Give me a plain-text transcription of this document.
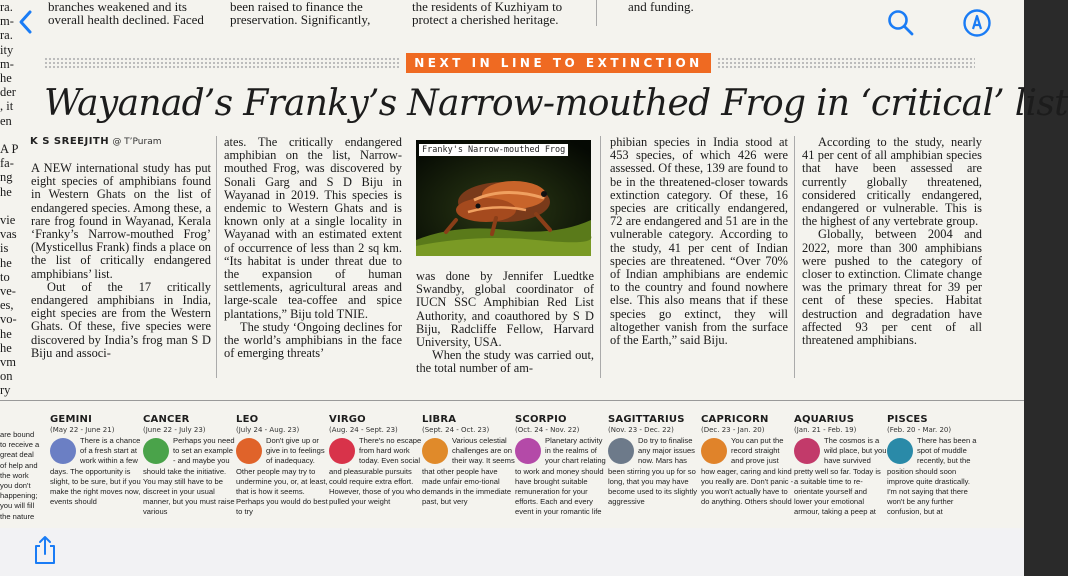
ra.
m-
ra.
ity
m-
he
der
, it
en

A P
fa-
ng
he

vie
vas
is
he
to
ve-
es,
vo-
he
he
vm
on
ry
branches weakened and its overall health declined. Faced
been raised to finance the preservation. Significantly,
the residents of Kuzhiyam to protect a cherished heritage.
and funding.
NEXT IN LINE TO EXTINCTION
Wayanad’s Franky’s Narrow-mouthed Frog in ‘critical’ list
K S SREEJITH @ T’Puram

A NEW international study has put eight species of amphibians found in Western Ghats on the list of endangered species. Among these, a rare frog found in Wayanad, Kerala ‘Franky’s Narrow-mouthed Frog’ (Mysticellus Frank) finds a place on the list of critically endangered amphibians’ list.

Out of the 17 critically endangered amphibians in India, eight species are from the Western Ghats. Of these, five species were discovered by India’s frog man S D Biju and associ-

ates. The critically endangered amphibian on the list, Narrow-mouthed Frog, was discovered by Sonali Garg and S D Biju in Wayanad in 2019. This species is endemic to Western Ghats and is known only at a single locality in Wayanad with an estimated extent of occurrence of less than 2 sq km. “Its habitat is under threat due to the expansion of human settlements, agricultural areas and large-scale tea-coffee and spice plantations,” Biju told TNIE.

The study ‘Ongoing declines for the world’s amphibians in the face of emerging threats’

Franky's Narrow-mouthed Frog

was done by Jennifer Luedtke Swandby, global coordinator of IUCN SSC Amphibian Red List Authority, and coauthored by S D Biju, Radcliffe Fellow, Harvard University, USA.

When the study was carried out, the total number of am-

phibian species in India stood at 453 species, of which 426 were assessed. Of these, 139 are found to be in the threatened-closer towards extinction category. Of these, 16 species are critically endangered, 72 are endangered and 51 are in the vulnerable category. According to the study, 41 per cent of Indian species are threatened. “Over 70% of Indian amphibians are endemic to the country and found nowhere else. This also means that if these species go extinct, they will altogether vanish from the surface of the Earth,” said Biju.

According to the study, nearly 41 per cent of all amphibian species that have been assessed are currently globally threatened, considered critically endangered, endangered or vulnerable. This is the highest of any vertebrate group.

Globally, between 2004 and 2022, more than 300 amphibians were pushed to the category of closer to extinction. Climate change was the primary threat for 39 per cent of these species. Habitat destruction and degradation have affected 93 per cent of all threatened amphibians.

are bound to receive a great deal of help and the work you don't happening; you will fill the nature
GEMINI
(May 22 - June 21)
There is a chance of a fresh start at work within a few days. The opportunity is slight, to be sure, but if you make the right moves now, events should
CANCER
(June 22 - July 23)
Perhaps you need to set an example - and maybe you should take the initiative. You may still have to be discreet in your usual manner, but you must raise various
LEO
(July 24 - Aug. 23)
Don't give up or give in to feelings of inadequacy. Other people may try to undermine you, or, at least, that is how it seems. Perhaps you would do best to try
VIRGO
(Aug. 24 - Sept. 23)
There's no escape from hard work today. Even social and pleasurable pursuits could require extra effort. However, those of you who pulled your weight
LIBRA
(Sept. 24 - Oct. 23)
Various celestial challenges are on their way. It seems that other people have made unfair emo-tional demands in the immediate past, but very
SCORPIO
(Oct. 24 - Nov. 22)
Planetary activity in the realms of your chart relating to work and money should have brought suitable remuneration for your efforts. Each and every event in your romantic life
SAGITTARIUS
(Nov. 23 - Dec. 22)
Do try to finalise any major issues now. Mars has been stirring you up for so long, that you may have become used to its slightly aggressive
CAPRICORN
(Dec. 23 - Jan. 20)
You can put the record straight and prove just how eager, caring and kind you really are. Don't panic - you won't actually have to do anything. Others should
AQUARIUS
(Jan. 21 - Feb. 19)
The cosmos is a wild place, but you have survived pretty well so far. Today is a suitable time to re-orientate yourself and lower your emotional armour, taking a peep at
PISCES
(Feb. 20 - Mar. 20)
There has been a spot of muddle recently, but the position should soon improve quite drastically. I'm not saying that there won't be any further confusion, but at
